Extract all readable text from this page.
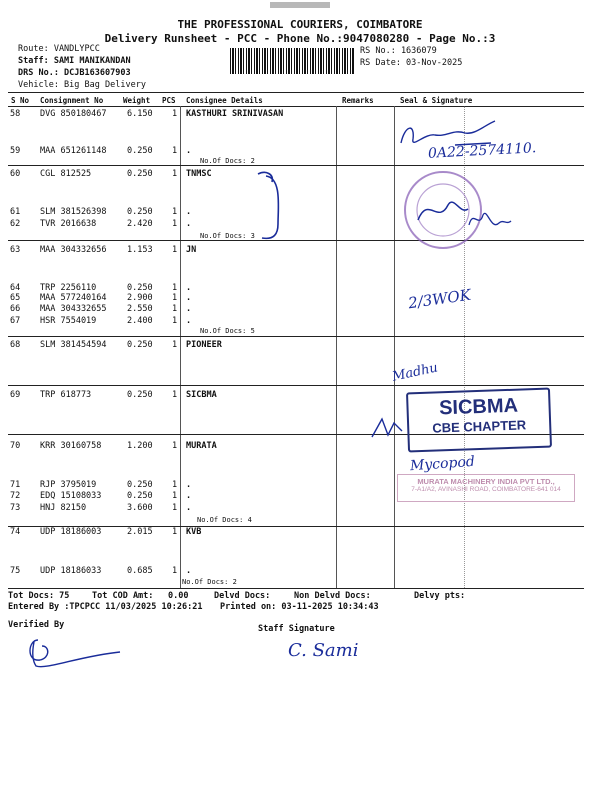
THE PROFESSIONAL COURIERS, COIMBATORE
Delivery Runsheet - PCC - Phone No.:9047080280 - Page No.:3
Route: VANDLYPCC
Staff: SAMI MANIKANDAN
DRS No.: DCJB163607903
Vehicle: Big Bag Delivery
RS No.: 1636079
RS Date: 03-Nov-2025
S No Consignment No	Weight PCS Consignee Details	Remarks	Seal & Signature
58 DVG 850180467 6.150 1 KASTHURI SRINIVASAN
59 MAA 651261148 0.250 1 .
60 CGL 812525	0.250 1 TNMSC
61 SLM 381526398 0.250 1 .
62 TVR 2016638	2.420 1 .
63 MAA 304332656 1.153 1 JN
64 TRP 2256110	0.250 1 .
65 MAA 577240164 2.900 1 .
66 MAA 304332655 2.550 1 .
67 HSR 7554019	2.400 1 .
68 SLM 381454594 0.250 1 PIONEER
69 TRP 618773	0.250 1 SICBMA
70 KRR 30160758	1.200 1 MURATA
71 RJP 3795019	0.250 1 .
72 EDQ 15108033	0.250 1 .
73 HNJ 82150	3.600 1 .
74 UDP 18186003	2.015 1 KVB
75 UDP 18186033	0.685 1 .
No.Of Docs: 2
No.Of Docs: 3
No.Of Docs: 5
No.Of Docs: 4
No.Of Docs: 2
0A22-2574110.
2/3WOK
Madhu
SICBMA
CBE CHAPTER
Mycopod
MURATA MACHINERY INDIA PVT LTD.,
7-A1/A2, AVINASHI ROAD, COIMBATORE-641 014
Tot Docs: 75	Tot COD Amt: 0.00	Delvd Docs:	Non Delvd Docs:	Delvy pts:
Entered By :TPCPCC 11/03/2025 10:26:21 Printed on: 03-11-2025 10:34:43
Verified By	Staff Signature
C. Sami
